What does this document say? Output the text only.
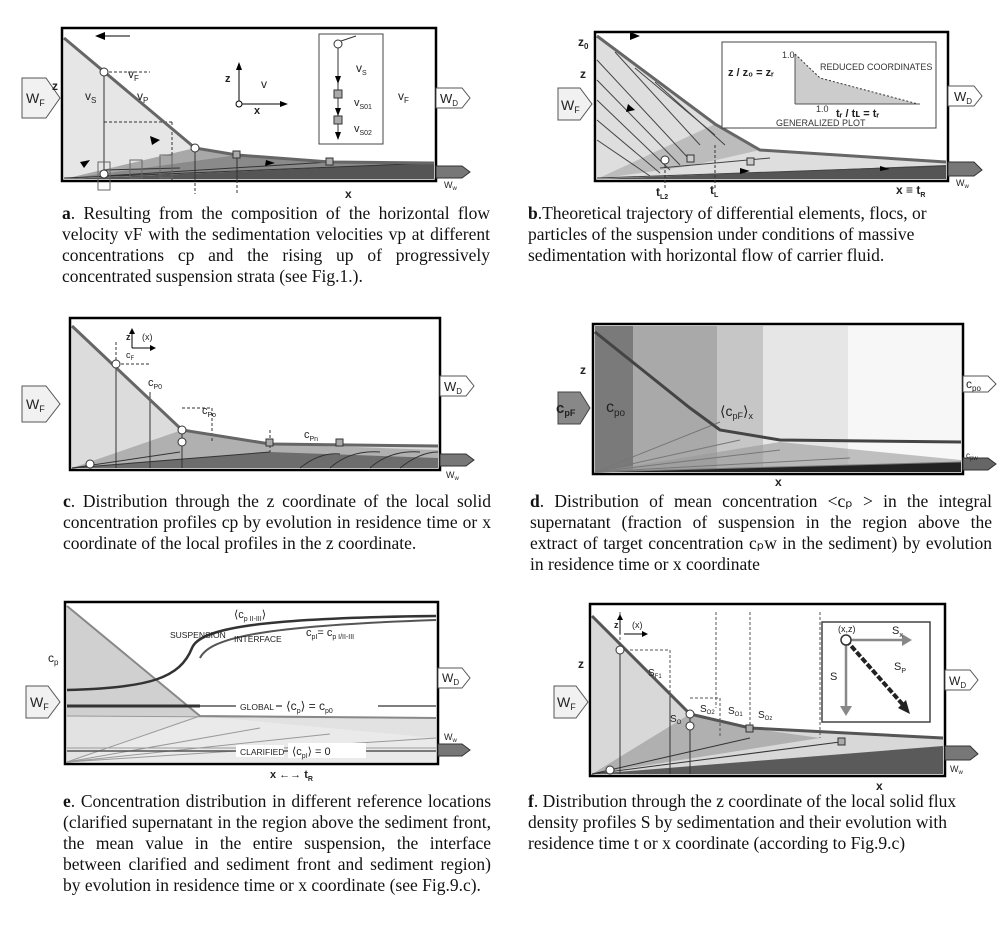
$W_F$	$W_D$
$W_w$
z
x
$v_F$
$v_S$	$v_P$
v
z
x
$v_S$
$v_{S01}$
$v_{S02}$
$v_F$
a. Resulting from the composition of the horizontal flow velocity vF with the sedimentation velocities vp at different concentrations cp and the rising up of progressively concentrated suspension strata (see Fig.1.).
$W_F$
$W_D$
$W_w$
$z_0$
z
$t_{L2}$
$t_L$	$x \equiv t_R$
z / z₀ = zᵣ
tᵣ / tʟ = tᵣ
REDUCED COORDINATES
GENERALIZED PLOT
1.0
1.0
b.Theoretical trajectory of differential elements, flocs, or particles of the suspension under conditions of massive sedimentation with horizontal flow of carrier fluid.
$W_F$
$W_D$
$W_w$
z (x)
$c_F$
$c_{P0}$
$c_{Po}$
$c_{Pn}$
c. Distribution through the z coordinate of the local solid concentration profiles cp by evolution in residence time or x coordinate of the local profiles in the z coordinate.
$c_{pF}$ $c_{po}$	$⟨c_{pF}⟩_x$
$c_{po}$
$c_{pw}$
z
x
d. Distribution of mean concentration <cₚ > in the integral supernatant (fraction of suspension in the region above the extract of target concentration cₚw in the sediment) by evolution in residence time or x coordinate
$W_F$
$W_D$
$W_w$
$c_p$
$⟨c_{p II-III}⟩$
SUSPENSION INTERFACE $c_{pI}= c_{p I/II-III}$
GLOBAL $⟨c_p⟩ = c_{p0}$
CLARIFIED $⟨c_{pI}⟩ = 0$
x ←→ $t_R$
e. Concentration distribution in different reference locations (clarified supernatant in the region above the sediment front, the mean value in the entire suspension, the interface between clarified and sediment front and sediment region) by evolution in residence time or x coordinate (see Fig.9.c).
$W_F$
$W_D$
$W_w$
z
x
z (x)
S
$S_x$
$S_P$
(x,z)
$S_{F1}$
$S_O$
$S_{O2}$ $S_{O1}$ $S_{Oz}$
f. Distribution through the z coordinate of the local solid flux density profiles S by sedimentation and their evolution with residence time t or x coordinate (according to Fig.9.c)
